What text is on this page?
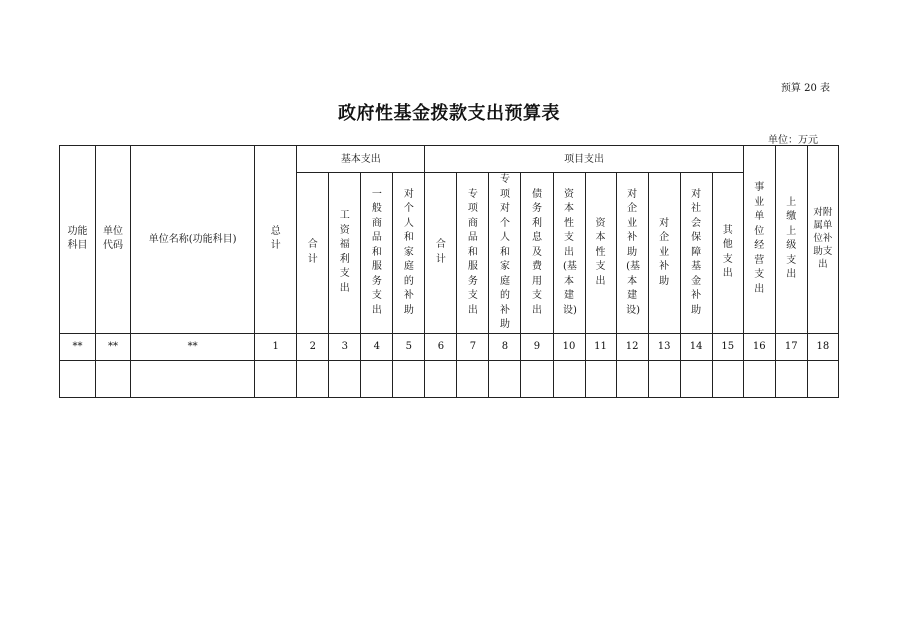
预算 20 表
政府性基金拨款支出预算表
单位：万元
功能科目	单位代码	单位名称(功能科目)	总计	基本支出				项目支出										事业单位经营支出	上缴上级支出	对附属单位补助支出
				合计	工资福利支出	一般商品和服务支出	对个人和家庭的补助	合计	专项商品和服务支出	专项对个人和家庭的补助	债务利息及费用支出	资本性支出(基本建设)	资本性支出	对企业补助(基本建设)	对企业补助	对社会保障基金补助	其他支出			
**	**	**	1	2	3	4	5	6	7	8	9	10	11	12	13	14	15	16	17	18
